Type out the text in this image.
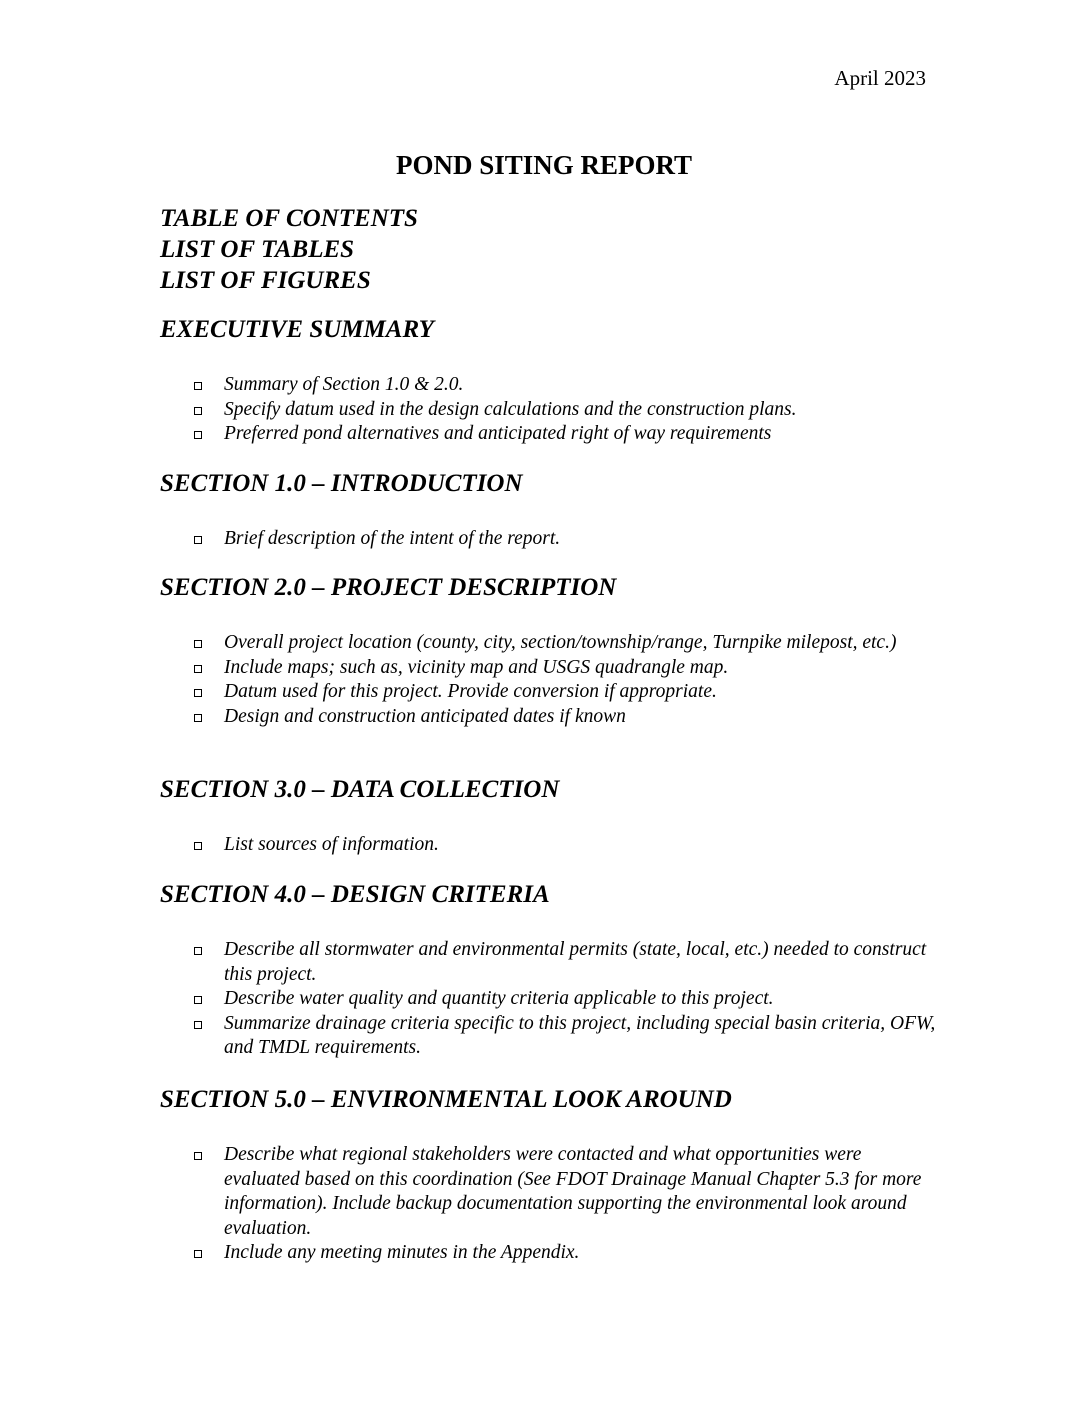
April 2023
POND SITING REPORT
TABLE OF CONTENTS
LIST OF TABLES
LIST OF FIGURES
EXECUTIVE SUMMARY
Summary of Section 1.0 & 2.0.
Specify datum used in the design calculations and the construction plans.
Preferred pond alternatives and anticipated right of way requirements
SECTION 1.0 – INTRODUCTION
Brief description of the intent of the report.
SECTION 2.0 – PROJECT DESCRIPTION
Overall project location (county, city, section/township/range, Turnpike milepost, etc.)
Include maps; such as, vicinity map and USGS quadrangle map.
Datum used for this project. Provide conversion if appropriate.
Design and construction anticipated dates if known
SECTION 3.0 – DATA COLLECTION
List sources of information.
SECTION 4.0 – DESIGN CRITERIA
Describe all stormwater and environmental permits (state, local, etc.) needed to construct this project.
Describe water quality and quantity criteria applicable to this project.
Summarize drainage criteria specific to this project, including special basin criteria, OFW, and TMDL requirements.
SECTION 5.0 – ENVIRONMENTAL LOOK AROUND
Describe what regional stakeholders were contacted and what opportunities were evaluated based on this coordination (See FDOT Drainage Manual Chapter 5.3 for more information). Include backup documentation supporting the environmental look around evaluation.
Include any meeting minutes in the Appendix.
